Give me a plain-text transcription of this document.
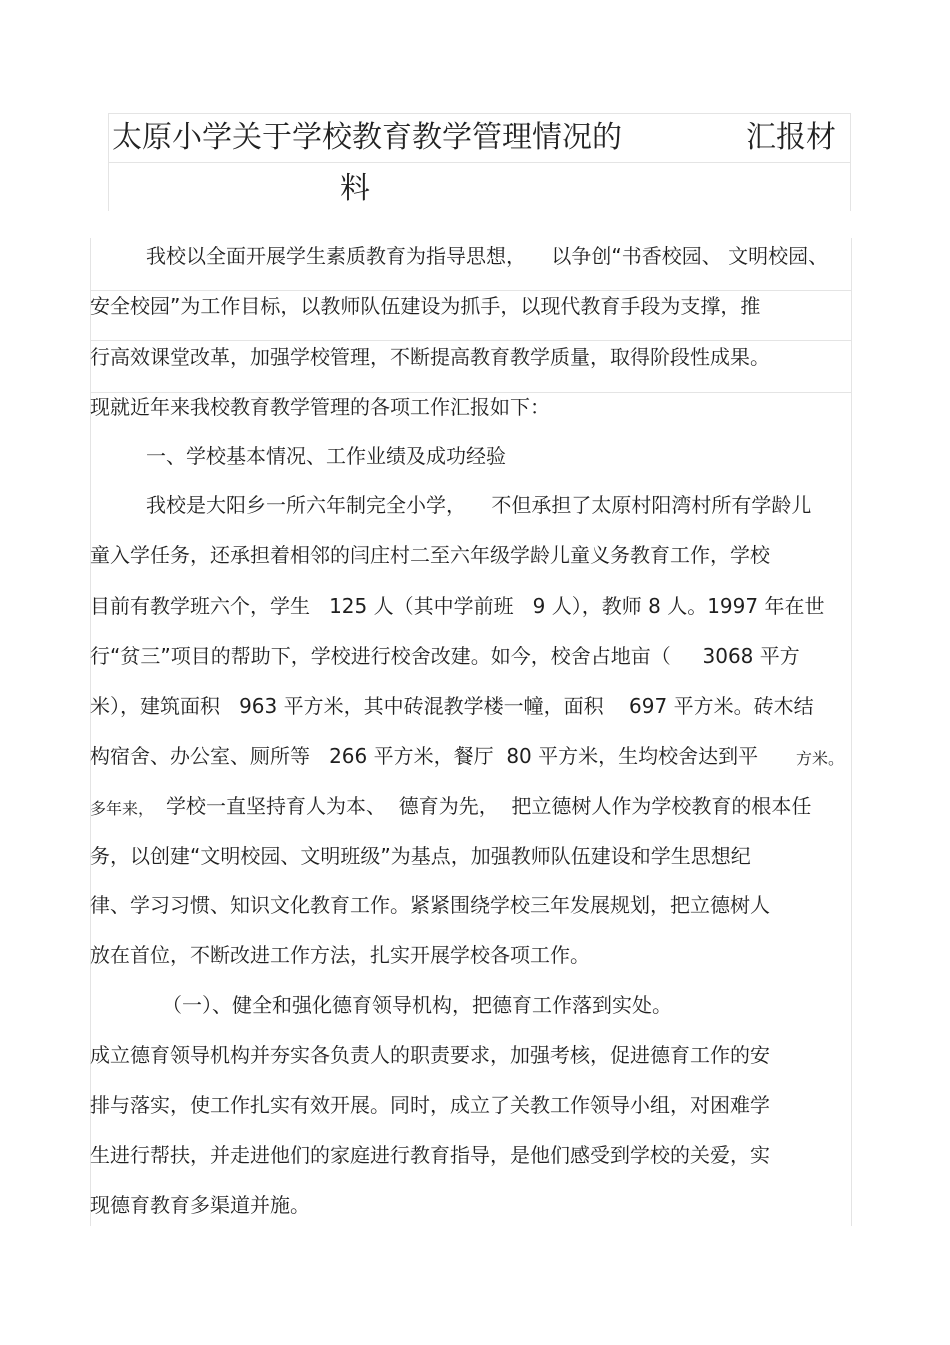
太原小学关于学校教育教学管理情况的	汇报材
料
我校以全面开展学生素质教育为指导思想，    以争创“书香校园、 文明校园、
安全校园”为工作目标，以教师队伍建设为抓手，以现代教育手段为支撑，推
行高效课堂改革，加强学校管理，不断提高教育教学质量，取得阶段性成果。
现就近年来我校教育教学管理的各项工作汇报如下：
一、学校基本情况、工作业绩及成功经验
我校是大阳乡一所六年制完全小学，    不但承担了太原村阳湾村所有学龄儿
童入学任务，还承担着相邻的闫庄村二至六年级学龄儿童义务教育工作，学校
目前有教学班六个，学生   125 人（其中学前班   9 人），教师 8 人。1997 年在世
行“贫三”项目的帮助下，学校进行校舍改建。如今，校舍占地亩（     3068 平方
米），建筑面积   963 平方米，其中砖混教学楼一幢，面积    697 平方米。砖木结
构宿舍、办公室、厕所等   266 平方米，餐厅  80 平方米，生均校舍达到平 方米。
多年来， 学校一直坚持育人为本、  德育为先，  把立德树人作为学校教育的根本任
务，以创建“文明校园、文明班级”为基点，加强教师队伍建设和学生思想纪
律、学习习惯、知识文化教育工作。紧紧围绕学校三年发展规划，把立德树人
放在首位，不断改进工作方法，扎实开展学校各项工作。
（一）、健全和强化德育领导机构，把德育工作落到实处。
成立德育领导机构并夯实各负责人的职责要求，加强考核，促进德育工作的安
排与落实，使工作扎实有效开展。同时，成立了关教工作领导小组，对困难学
生进行帮扶，并走进他们的家庭进行教育指导，是他们感受到学校的关爱，实
现德育教育多渠道并施。
